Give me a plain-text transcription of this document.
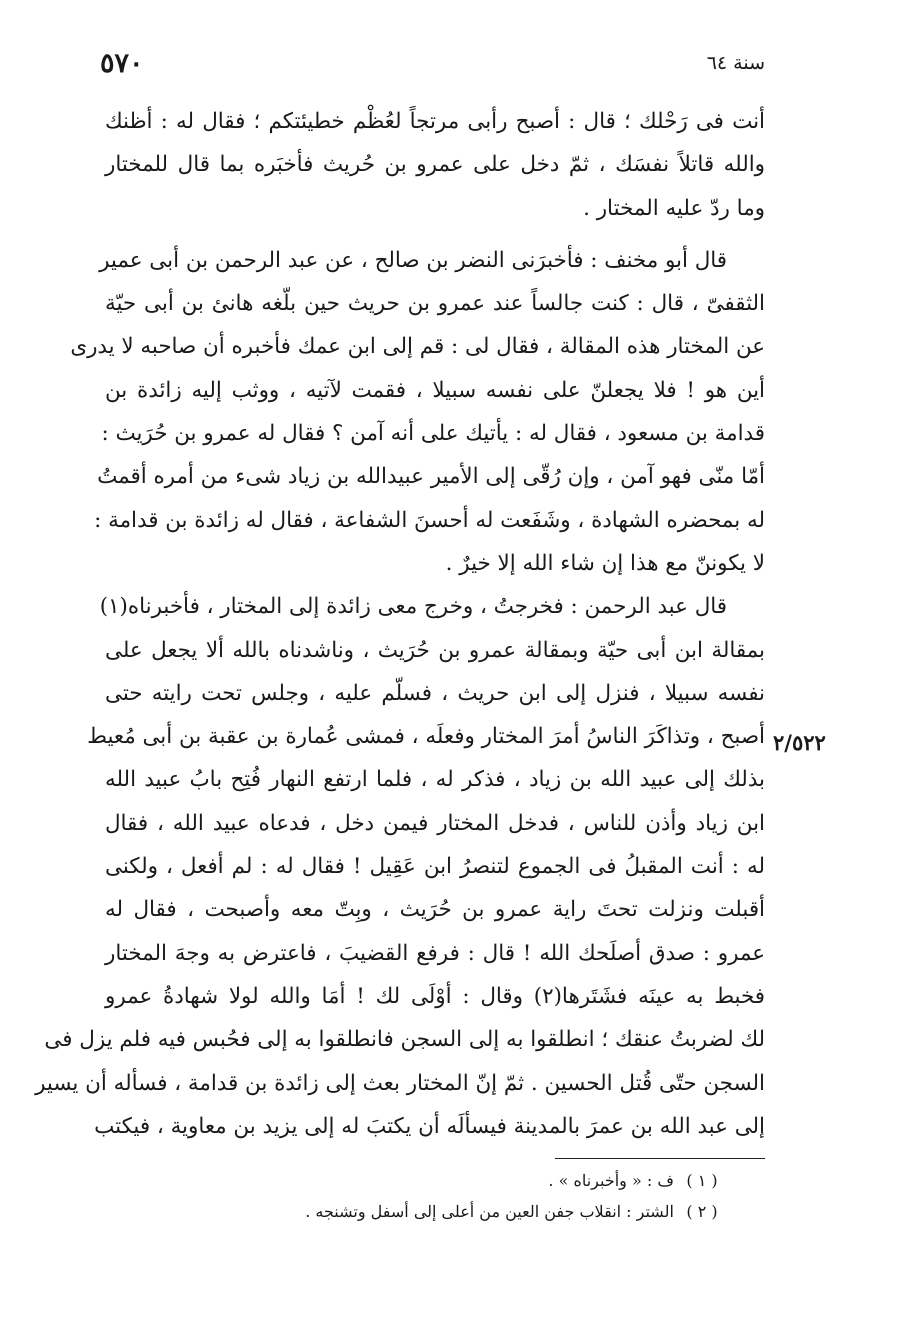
٥٧٠	سنة ٦٤
٢/٥٢٢

أنت فى رَحْلك ؛ قال : أصبح رأبى مرتجاً لعُظْم خطيئتكم ؛ فقال له : أظنك
والله قاتلاً نفسَك ، ثمّ دخل على عمرو بن حُريث فأخبَره بما قال للمختار
وما ردّ عليه المختار .

قال أبو مخنف : فأخبرَنى النضر بن صالح ، عن عبد الرحمن بن أبى عمير
الثقفىّ ، قال : كنت جالساً عند عمرو بن حريث حين بلّغه هانئ بن أبى حيّة
عن المختار هذه المقالة ، فقال لى : قم إلى ابن عمك فأخبره أن صاحبه لا يدرى
أين هو ! فلا يجعلنّ على نفسه سبيلا ، فقمت لآتيه ، ووثب إليه زائدة بن
قدامة بن مسعود ، فقال له : يأتيك على أنه آمن ؟ فقال له عمرو بن حُرَيث :
أمّا منّى فهو آمن ، وإن رُقّى إلى الأمير عبيدالله بن زياد شىء من أمره أقمتُ
له بمحضره الشهادة ، وشَفَعت له أحسنَ الشفاعة ، فقال له زائدة بن قدامة :
لا يكوننّ مع هذا إن شاء الله إلا خيرٌ .

قال عبد الرحمن : فخرجتُ ، وخرج معى زائدة إلى المختار ، فأخبرناه(١)
بمقالة ابن أبى حيّة وبمقالة عمرو بن حُرَيث ، وناشدناه بالله ألا يجعل على
نفسه سبيلا ، فنزل إلى ابن حريث ، فسلّم عليه ، وجلس تحت رايته حتى
أصبح ، وتذاكَرَ الناسُ أمرَ المختار وفعلَه ، فمشى عُمارة بن عقبة بن أبى مُعيط
بذلك إلى عبيد الله بن زياد ، فذكر له ، فلما ارتفع النهار فُتِح بابُ عبيد الله
ابن زياد وأذن للناس ، فدخل المختار فيمن دخل ، فدعاه عبيد الله ، فقال
له : أنت المقبلُ فى الجموع لتنصرُ ابن عَقِيل ! فقال له : لم أفعل ، ولكنى
أقبلت ونزلت تحتَ راية عمرو بن حُرَيث ، وبِتّ معه وأصبحت ، فقال له
عمرو : صدق أصلَحك الله ! قال : فرفع القضيبَ ، فاعترض به وجهَ المختار
فخبط به عينَه فشَتَرها(٢) وقال : أوْلَى لك ! أمَا والله لولا شهادةُ عمرو
لك لضربتُ عنقك ؛ انطلقوا به إلى السجن فانطلقوا به إلى فحُبس فيه فلم يزل فى
السجن حتّى قُتل الحسين . ثمّ إنّ المختار بعث إلى زائدة بن قدامة ، فسأله أن يسير
إلى عبد الله بن عمرَ بالمدينة فيسألَه أن يكتبَ له إلى يزيد بن معاوية ، فيكتب

( ١ ) ف : « وأخبرناه » .
( ٢ ) الشتر : انقلاب جفن العين من أعلى إلى أسفل وتشنجه .
